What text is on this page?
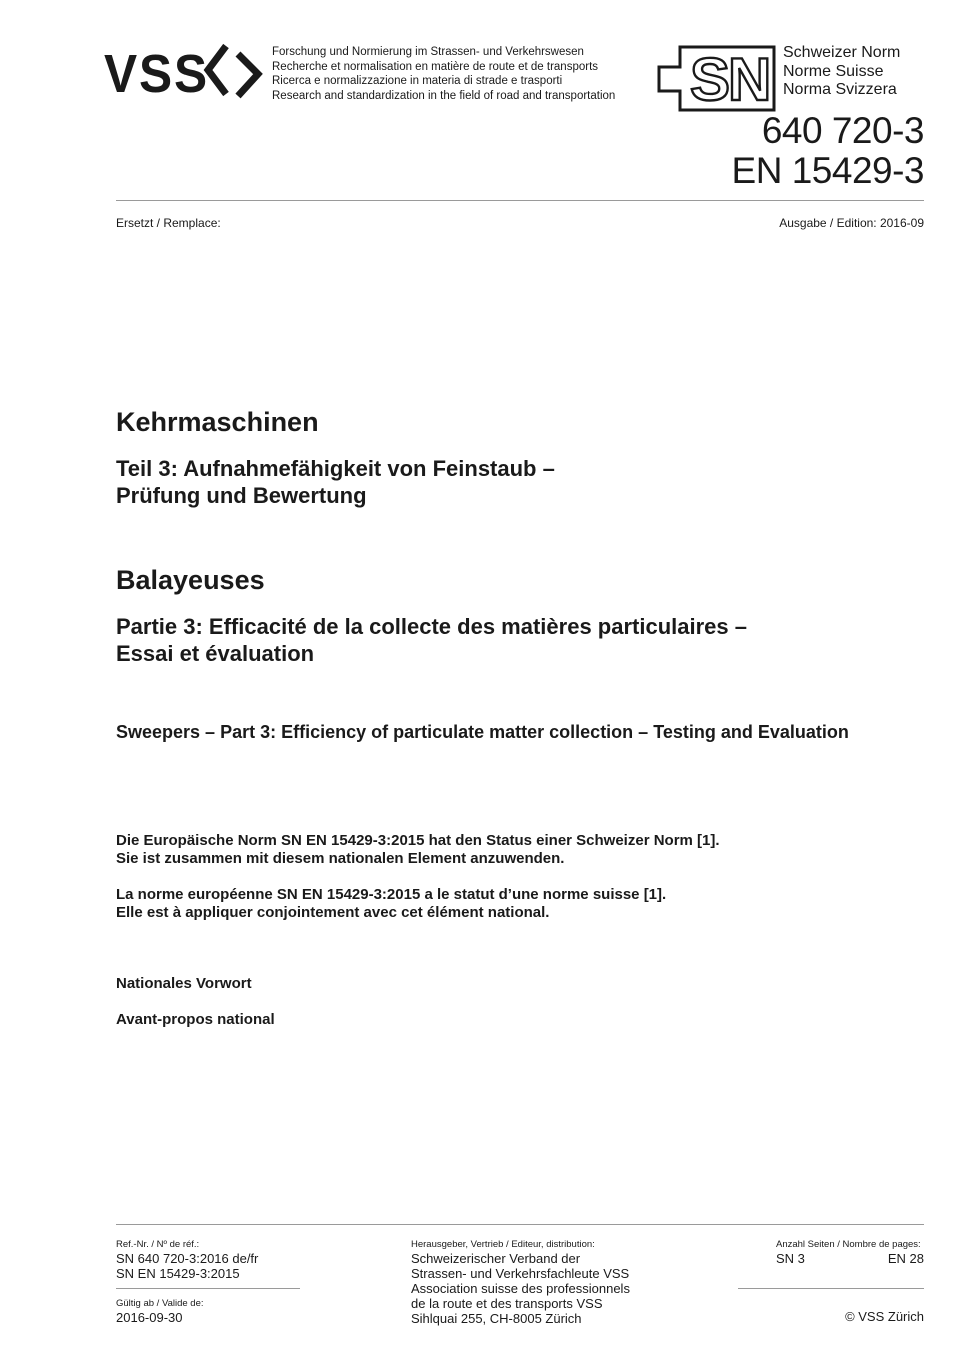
VSS	Forschung und Normierung im Strassen- und Verkehrswesen
Recherche et normalisation en matière de route et de transports
Ricerca e normalizzazione in materia di strade e trasporti
Research and standardization in the field of road and transportation SN Schweizer Norm
Norme Suisse
Norma Svizzera
640 720-3
EN 15429-3
Ersetzt / Remplace:	Ausgabe / Edition: 2016-09
Kehrmaschinen
Teil 3: Aufnahmefähigkeit von Feinstaub –
Prüfung und Bewertung
Balayeuses
Partie 3: Efficacité de la collecte des matières particulaires –
Essai et évaluation
Sweepers – Part 3: Efficiency of particulate matter collection – Testing and Evaluation
Die Europäische Norm SN EN 15429-3:2015 hat den Status einer Schweizer Norm [1].
Sie ist zusammen mit diesem nationalen Element anzuwenden.
La norme européenne SN EN 15429-3:2015 a le statut d’une norme suisse [1].
Elle est à appliquer conjointement avec cet élément national.
Nationales Vorwort
Avant-propos national
Ref.-Nr. / Nº de réf.:
SN 640 720-3:2016 de/fr
SN EN 15429-3:2015
Gültig ab / Valide de:
2016-09-30
Herausgeber, Vertrieb / Editeur, distribution:
Schweizerischer Verband der
Strassen- und Verkehrsfachleute VSS
Association suisse des professionnels
de la route et des transports VSS
Sihlquai 255, CH-8005 Zürich
Anzahl Seiten / Nombre de pages:
SN 3	EN 28
© VSS Zürich
